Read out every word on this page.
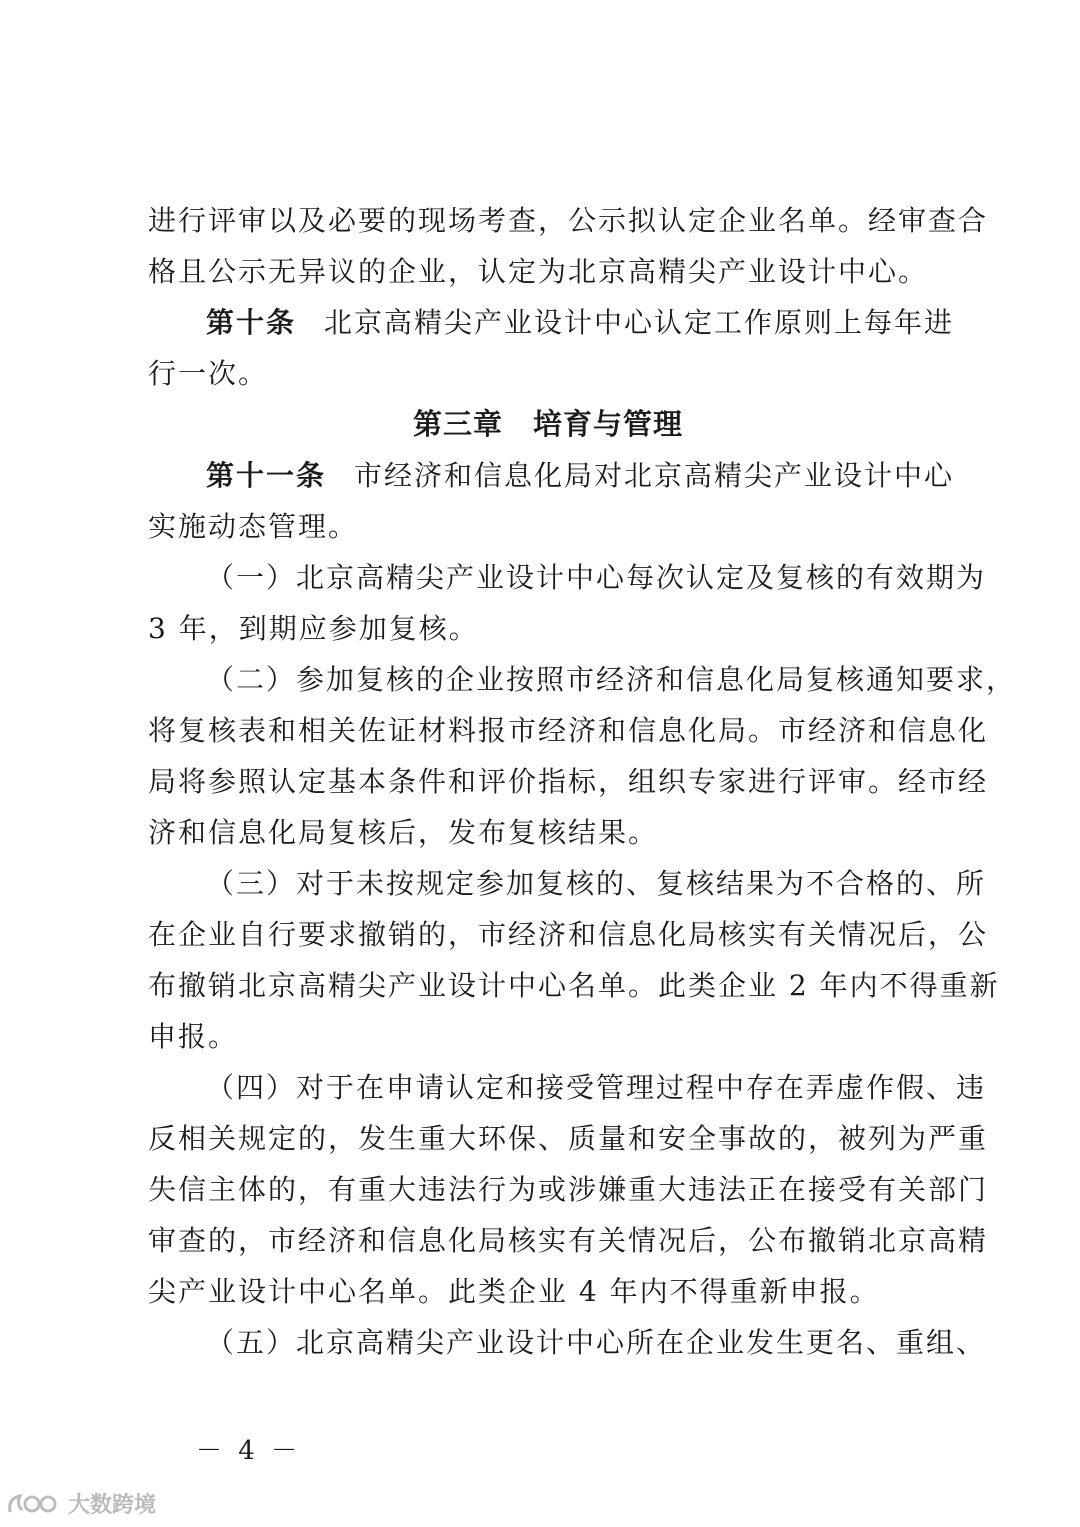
进行评审以及必要的现场考查，公示拟认定企业名单。经审查合
格且公示无异议的企业，认定为北京高精尖产业设计中心。
第十条 北京高精尖产业设计中心认定工作原则上每年进
行一次。
第三章　培育与管理
第十一条 市经济和信息化局对北京高精尖产业设计中心
实施动态管理。
（一）北京高精尖产业设计中心每次认定及复核的有效期为
3 年，到期应参加复核。
（二）参加复核的企业按照市经济和信息化局复核通知要求，
将复核表和相关佐证材料报市经济和信息化局。市经济和信息化
局将参照认定基本条件和评价指标，组织专家进行评审。经市经
济和信息化局复核后，发布复核结果。
（三）对于未按规定参加复核的、复核结果为不合格的、所
在企业自行要求撤销的，市经济和信息化局核实有关情况后，公
布撤销北京高精尖产业设计中心名单。此类企业 2 年内不得重新
申报。
（四）对于在申请认定和接受管理过程中存在弄虚作假、违
反相关规定的，发生重大环保、质量和安全事故的，被列为严重
失信主体的，有重大违法行为或涉嫌重大违法正在接受有关部门
审查的，市经济和信息化局核实有关情况后，公布撤销北京高精
尖产业设计中心名单。此类企业 4 年内不得重新申报。
（五）北京高精尖产业设计中心所在企业发生更名、重组、
－ 4 －
大数跨境
